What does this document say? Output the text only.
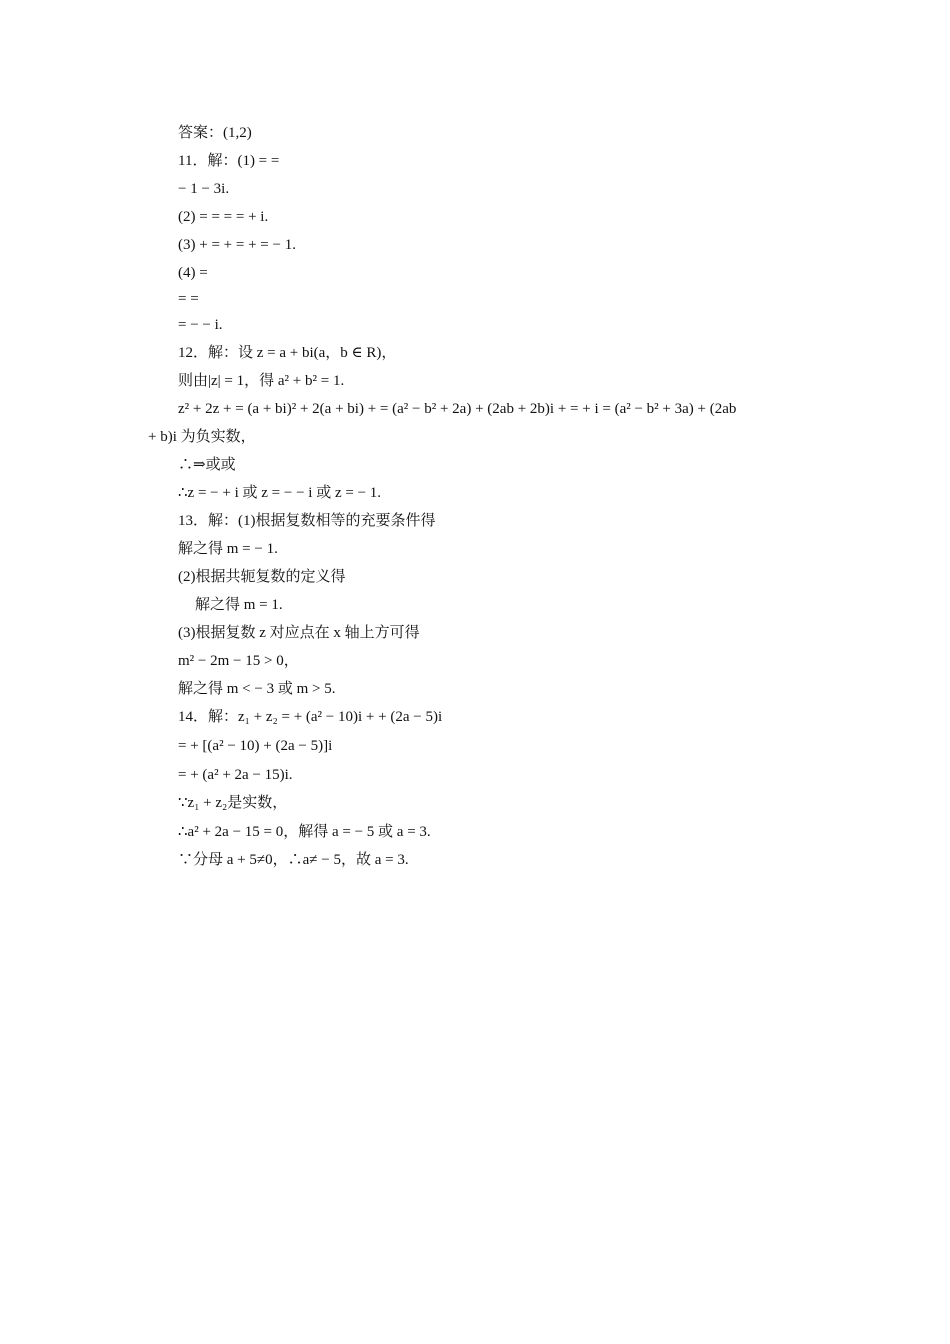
答案：(1,2)
11．解：(1) = =
− 1 − 3i.
(2) = = = = + i.
(3) + = + = + = − 1.
(4) =
= =
= − − i.
12．解：设 z = a + bi(a，b ∈ R)，
则由|z| = 1，得 a² + b² = 1.
z² + 2z + = (a + bi)² + 2(a + bi) + = (a² − b² + 2a) + (2ab + 2b)i + = + i = (a² − b² + 3a) + (2ab
+ b)i 为负实数，
∴⇒或或
∴z = − + i 或 z = − − i 或 z = − 1.
13．解：(1)根据复数相等的充要条件得
解之得 m = − 1.
(2)根据共轭复数的定义得
解之得 m = 1.
(3)根据复数 z 对应点在 x 轴上方可得
m² − 2m − 15 > 0，
解之得 m < − 3 或 m > 5.
14．解：z₁ + z₂ = + (a² − 10)i + + (2a − 5)i
= + [(a² − 10) + (2a − 5)]i
= + (a² + 2a − 15)i.
∵z₁ + z₂是实数，
∴a² + 2a − 15 = 0，解得 a = − 5 或 a = 3.
∵分母 a + 5≠0，∴a≠ − 5，故 a = 3.
